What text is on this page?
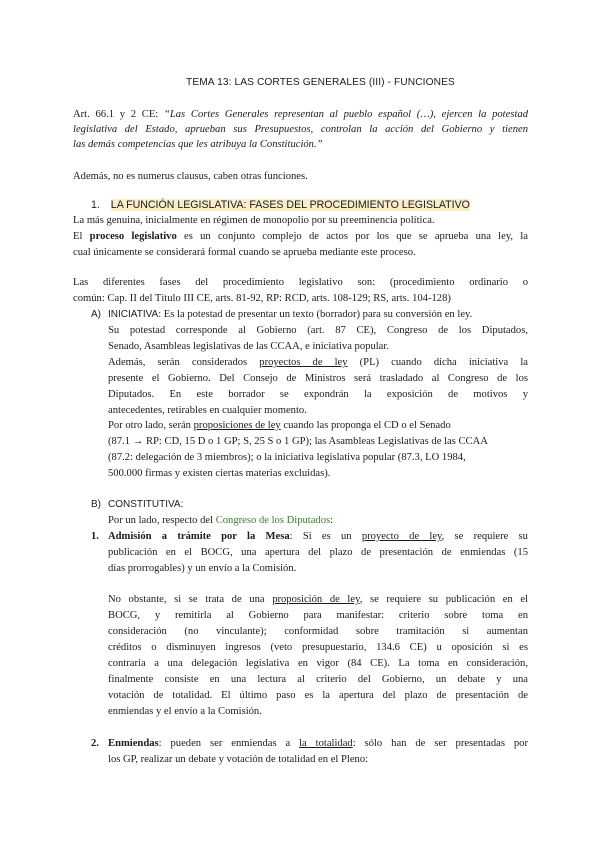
TEMA 13: LAS CORTES GENERALES (III) - FUNCIONES
Art. 66.1 y 2 CE: “Las Cortes Generales representan al pueblo español (…), ejercen la potestad
legislativa del Estado, aprueban sus Presupuestos, controlan la acción del Gobierno y tienen
las demás competencias que les atribuya la Constitución.”
Además, no es numerus clausus, caben otras funciones.
1. LA FUNCIÓN LEGISLATIVA: FASES DEL PROCEDIMIENTO LEGISLATIVO
La más genuina, inicialmente en régimen de monopolio por su preeminencia política.
El proceso legislativo es un conjunto complejo de actos por los que se aprueba una ley, la
cual únicamente se considerará formal cuando se aprueba mediante este proceso.
Las diferentes fases del procedimiento legislativo son: (procedimiento ordinario o
común: Cap. II del Título III CE, arts. 81-92, RP: RCD, arts. 108-129; RS, arts. 104-128)
A) INICIATIVA: Es la potestad de presentar un texto (borrador) para su conversión en ley.
Su potestad corresponde al Gobierno (art. 87 CE), Congreso de los Diputados,
Senado, Asambleas legislativas de las CCAA, e iniciativa popular.
Además, serán considerados proyectos de ley (PL) cuando dicha iniciativa la
presente el Gobierno. Del Consejo de Ministros será trasladado al Congreso de los
Diputados. En este borrador se expondrán la exposición de motivos y
antecedentes, retirables en cualquier momento.
Por otro lado, serán proposiciones de ley cuando las proponga el CD o el Senado
(87.1 → RP: CD, 15 D o 1 GP; S, 25 S o 1 GP); las Asambleas Legislativas de las CCAA
(87.2: delegación de 3 miembros); o la iniciativa legislativa popular (87.3, LO 1984,
500.000 firmas y existen ciertas materias excluidas).
B) CONSTITUTIVA:
Por un lado, respecto del Congreso de los Diputados:
1. Admisión a trámite por la Mesa: Si es un proyecto de ley, se requiere su
publicación en el BOCG, una apertura del plazo de presentación de enmiendas (15
días prorrogables) y un envío a la Comisión.
No obstante, si se trata de una proposición de ley, se requiere su publicación en el
BOCG, y remitirla al Gobierno para manifestar: criterio sobre toma en
consideración (no vinculante); conformidad sobre tramitación si aumentan
créditos o disminuyen ingresos (veto presupuestario, 134.6 CE) u oposición si es
contraria a una delegación legislativa en vigor (84 CE). La toma en consideración,
finalmente consiste en una lectura al criterio del Gobierno, un debate y una
votación de totalidad. El último paso es la apertura del plazo de presentación de
enmiendas y el envío a la Comisión.
2. Enmiendas: pueden ser enmiendas a la totalidad: sólo han de ser presentadas por
los GP, realizar un debate y votación de totalidad en el Pleno:
